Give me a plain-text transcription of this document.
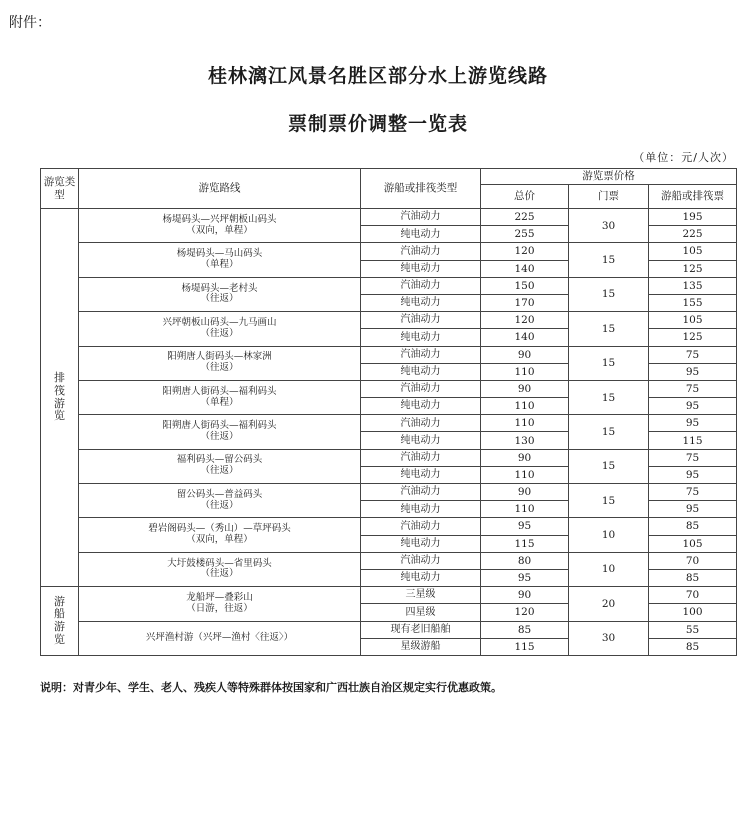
附件：
桂林漓江风景名胜区部分水上游览线路
票制票价调整一览表
（单位：元/人次）
游览类型	游览路线	游船或排筏类型	游览票价格		
			总价	门票	游船或排筏票

排筏游览	杨堤码头—兴坪朝板山码头
（双向，单程）	汽油动力	225	30	195
		纯电动力	255		225

	杨堤码头—马山码头
（单程）	汽油动力	120	15	105
		纯电动力	140		125

	杨堤码头—老村头
（往返）	汽油动力	150	15	135
		纯电动力	170		155

	兴坪朝板山码头—九马画山
（往返）	汽油动力	120	15	105
		纯电动力	140		125

	阳朔唐人街码头—林家洲
（往返）	汽油动力	90	15	75
		纯电动力	110		95

	阳朔唐人街码头—福利码头
（单程）	汽油动力	90	15	75
		纯电动力	110		95

	阳朔唐人街码头—福利码头
（往返）	汽油动力	110	15	95
		纯电动力	130		115

	福利码头—留公码头
（往返）	汽油动力	90	15	75
		纯电动力	110		95

	留公码头—普益码头
（往返）	汽油动力	90	15	75
		纯电动力	110		95

	碧岩阁码头—（秀山）—草坪码头
（双向，单程）	汽油动力	95	10	85
		纯电动力	115		105

	大圩鼓楼码头—省里码头
（往返）	汽油动力	80	10	70
		纯电动力	95		85

游船游览	龙船坪—叠彩山
（日游，往返）	三星级	90	20	70
		四星级	120		100

	兴坪渔村游（兴坪—渔村〈往返〉）	现有老旧船舶	85	30	55
		星级游船	115		85
说明：对青少年、学生、老人、残疾人等特殊群体按国家和广西壮族自治区规定实行优惠政策。
